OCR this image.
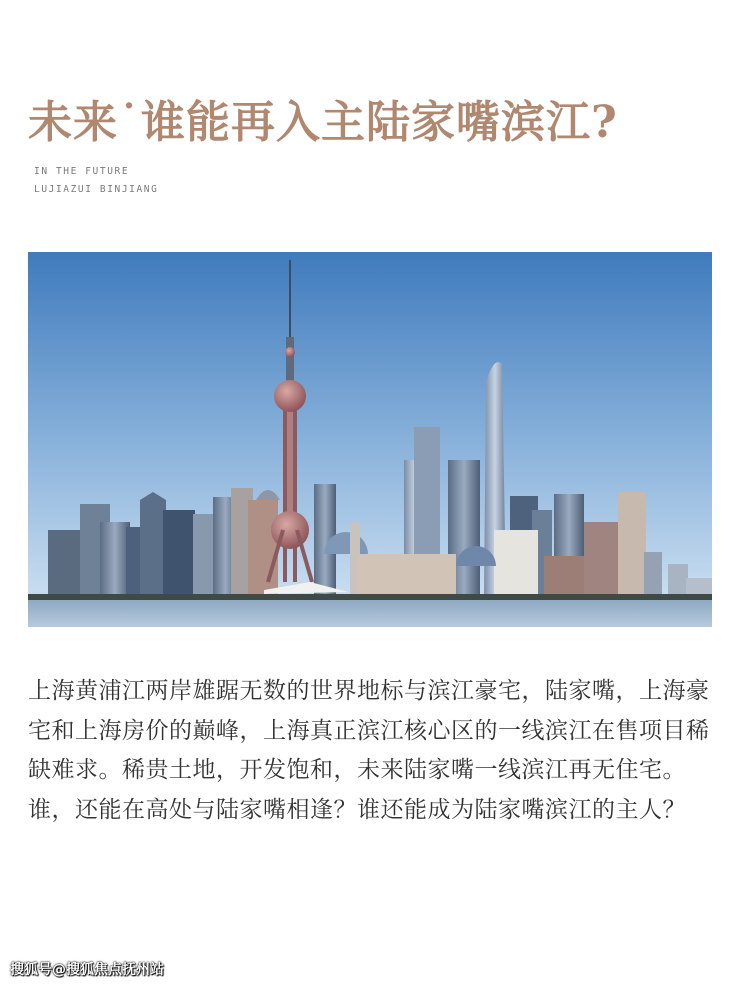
未来˙谁能再入主陆家嘴滨江?
IN THE FUTURE
LUJIAZUI BINJIANG
上海黄浦江两岸雄踞无数的世界地标与滨江豪宅，陆家嘴，上海豪宅和上海房价的巅峰，上海真正滨江核心区的一线滨江在售项目稀缺难求。稀贵土地，开发饱和，未来陆家嘴一线滨江再无住宅。谁，还能在高处与陆家嘴相逢？谁还能成为陆家嘴滨江的主人？
搜狐号@搜狐焦点抚州站
